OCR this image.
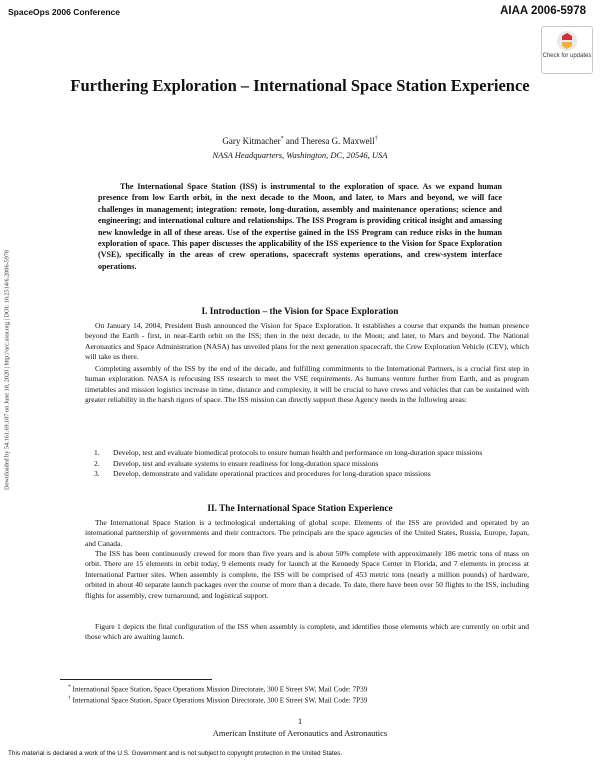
SpaceOps 2006 Conference	AIAA 2006-5978
Check for updates
Downloaded by 54.161.69.107 on June 18, 2020 | http://arc.aiaa.org | DOI: 10.2514/6.2006-5978
Furthering Exploration – International Space Station Experience
Gary Kitmacher* and Theresa G. Maxwell†
NASA Headquarters, Washington, DC, 20546, USA

The International Space Station (ISS) is instrumental to the exploration of space. As we expand human presence from low Earth orbit, in the next decade to the Moon, and later, to Mars and beyond, we will face challenges in management; integration: remote, long-duration, assembly and maintenance operations; science and engineering; and international culture and relationships. The ISS Program is providing critical insight and amassing new knowledge in all of these areas. Use of the expertise gained in the ISS Program can reduce risks in the human exploration of space. This paper discusses the applicability of the ISS experience to the Vision for Space Exploration (VSE), specifically in the areas of crew operations, spacecraft systems operations, and crew-system interface operations.

I. Introduction – the Vision for Space Exploration

On January 14, 2004, President Bush announced the Vision for Space Exploration. It establishes a course that expands the human presence beyond the Earth - first, in near-Earth orbit on the ISS; then in the next decade, to the Moon; and later, to Mars and beyond. The National Aeronautics and Space Administration (NASA) has unveiled plans for the next generation spacecraft, the Crew Exploration Vehicle (CEV), which will take us there.

Completing assembly of the ISS by the end of the decade, and fulfilling commitments to the International Partners, is a crucial first step in human exploration. NASA is refocusing ISS research to meet the VSE requirements. As humans venture further from Earth, and as program timetables and mission logistics increase in time, distance and complexity, it will be crucial to have crews and vehicles that can be sustained with greater reliability in the harsh rigors of space. The ISS mission can directly support these Agency needs in the following areas:

1. Develop, test and evaluate biomedical protocols to ensure human health and performance on long-duration space missions
2. Develop, test and evaluate systems to ensure readiness for long-duration space missions
3. Develop, demonstrate and validate operational practices and procedures for long-duration space missions
II. The International Space Station Experience

The International Space Station is a technological undertaking of global scope. Elements of the ISS are provided and operated by an international partnership of governments and their contractors. The principals are the space agencies of the United States, Russia, Europe, Japan, and Canada.

The ISS has been continuously crewed for more than five years and is about 50% complete with approximately 186 metric tons of mass on orbit. There are 15 elements in orbit today, 9 elements ready for launch at the Kennedy Space Center in Florida, and 7 elements in process at International Partner sites. When assembly is complete, the ISS will be comprised of 453 metric tons (nearly a million pounds) of hardware, orbited in about 40 separate launch packages over the course of more than a decade. To date, there have been over 50 flights to the ISS, including flights for assembly, crew turnaround, and logistical support.

Figure 1 depicts the final configuration of the ISS when assembly is complete, and identifies those elements which are currently on orbit and those which are awaiting launch.

* International Space Station, Space Operations Mission Directorate, 300 E Street SW, Mail Code: 7P39
† International Space Station, Space Operations Mission Directorate, 300 E Street SW, Mail Code: 7P39
1
American Institute of Aeronautics and Astronautics
This material is declared a work of the U.S. Government and is not subject to copyright protection in the United States.
